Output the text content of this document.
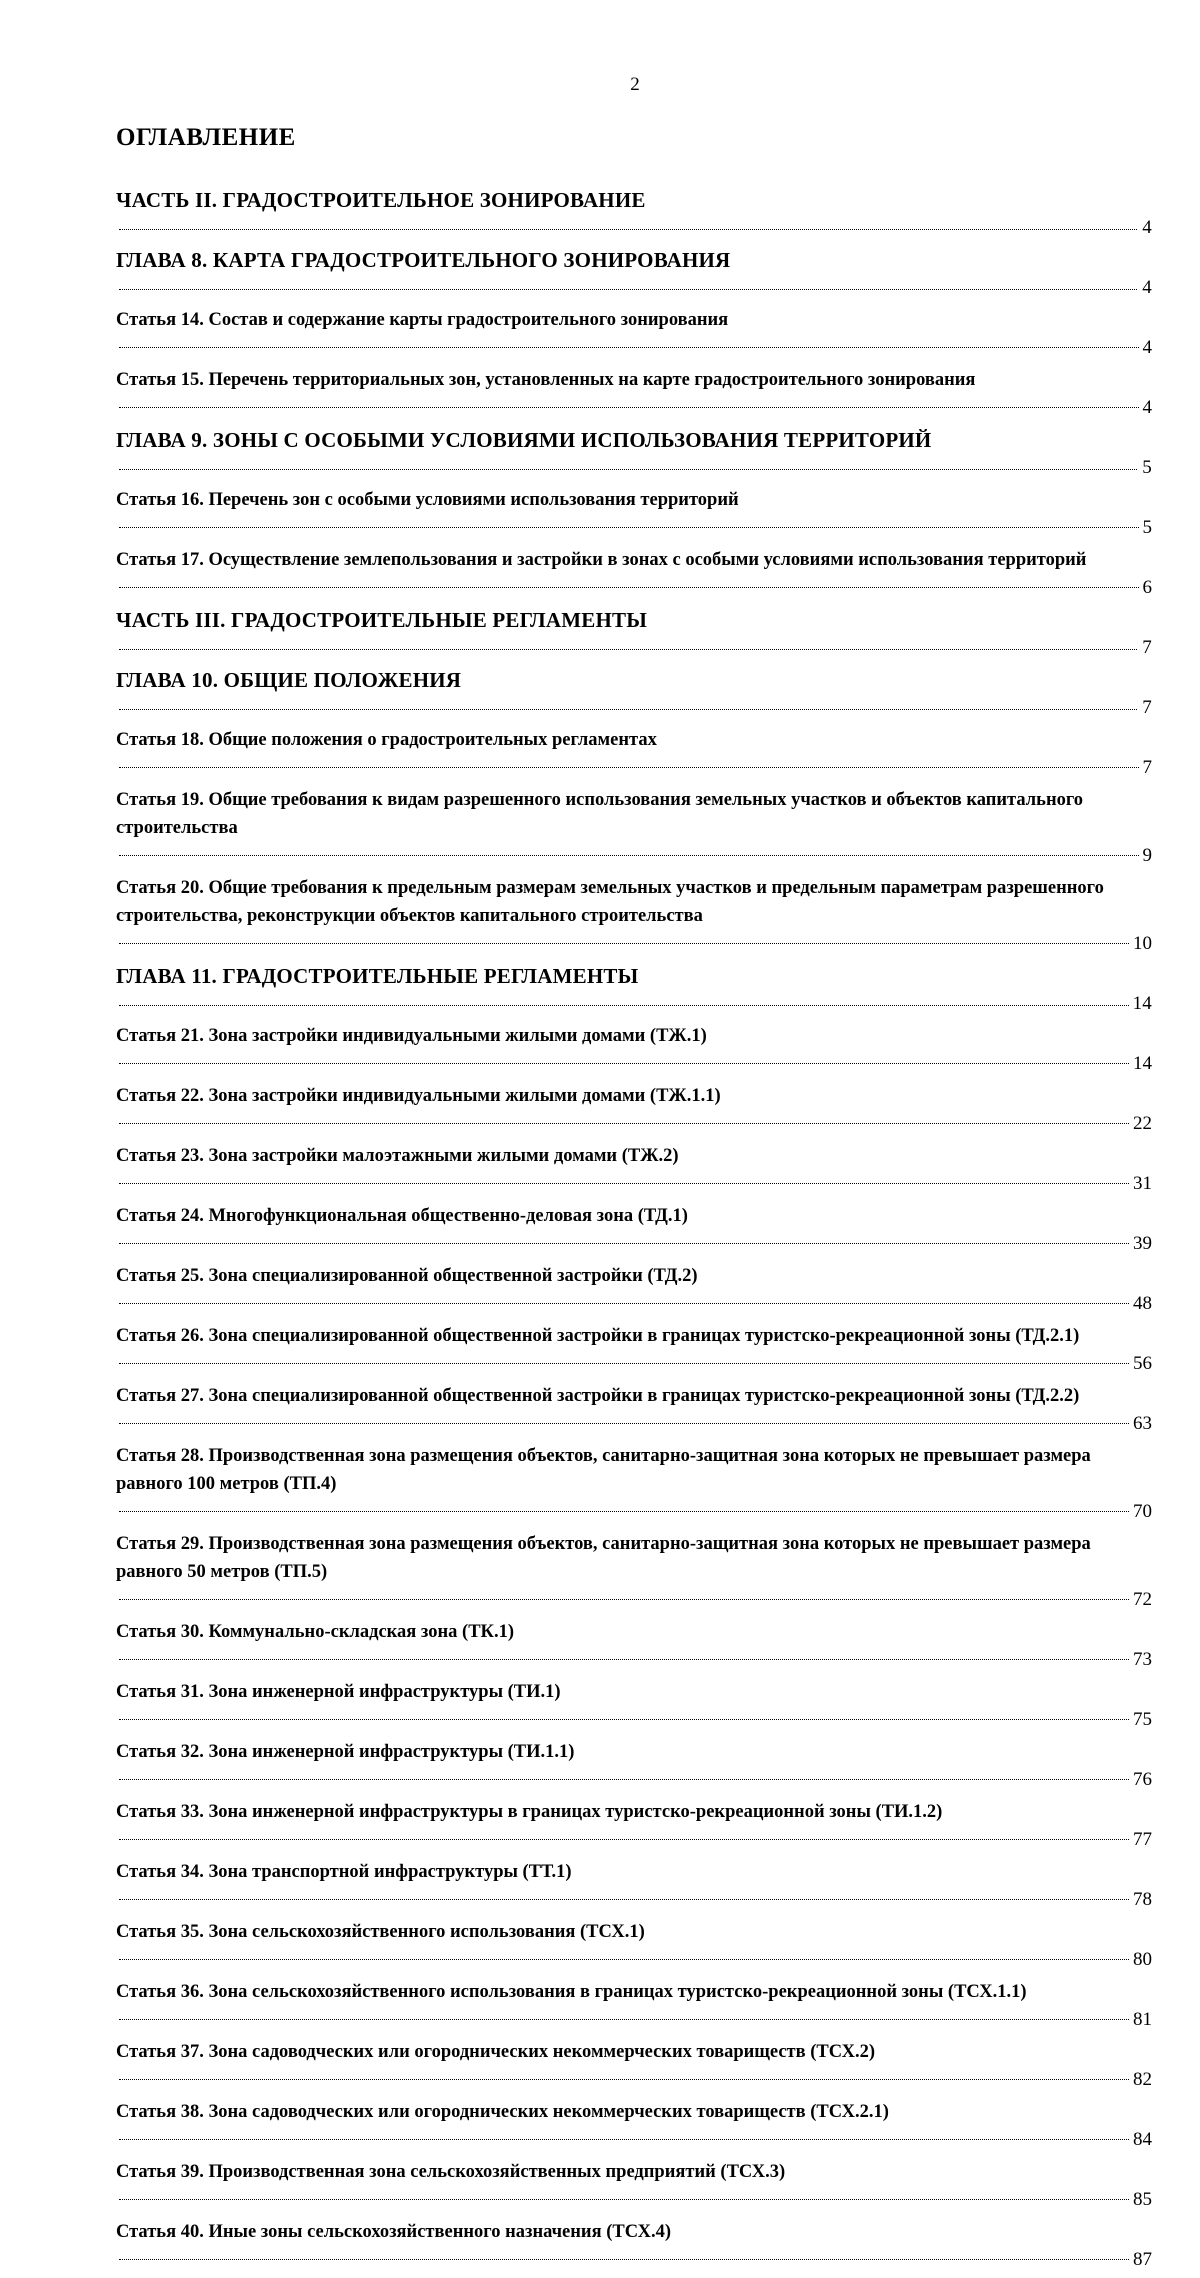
2
ОГЛАВЛЕНИЕ
ЧАСТЬ II. ГРАДОСТРОИТЕЛЬНОЕ ЗОНИРОВАНИЕ
4
ГЛАВА 8. КАРТА ГРАДОСТРОИТЕЛЬНОГО ЗОНИРОВАНИЯ
4
Статья 14. Состав и содержание карты градостроительного зонирования
4
Статья 15. Перечень территориальных зон, установленных на карте градостроительного зонирования
4
ГЛАВА 9. ЗОНЫ С ОСОБЫМИ УСЛОВИЯМИ ИСПОЛЬЗОВАНИЯ ТЕРРИТОРИЙ
5
Статья 16. Перечень зон с особыми условиями использования территорий
5
Статья 17. Осуществление землепользования и застройки в зонах с особыми условиями использования территорий
6
ЧАСТЬ III. ГРАДОСТРОИТЕЛЬНЫЕ РЕГЛАМЕНТЫ
7
ГЛАВА 10. ОБЩИЕ ПОЛОЖЕНИЯ
7
Статья 18. Общие положения о градостроительных регламентах
7
Статья 19. Общие требования к видам разрешенного использования земельных участков и объектов капитального строительства
9
Статья 20. Общие требования к предельным размерам земельных участков и предельным параметрам разрешенного строительства, реконструкции объектов капитального строительства
10
ГЛАВА 11. ГРАДОСТРОИТЕЛЬНЫЕ РЕГЛАМЕНТЫ
14
Статья 21. Зона застройки индивидуальными жилыми домами (ТЖ.1)
14
Статья 22. Зона застройки индивидуальными жилыми домами (ТЖ.1.1)
22
Статья 23. Зона застройки малоэтажными жилыми домами (ТЖ.2)
31
Статья 24. Многофункциональная общественно-деловая зона (ТД.1)
39
Статья 25. Зона специализированной общественной застройки (ТД.2)
48
Статья 26. Зона специализированной общественной застройки в границах туристско-рекреационной зоны (ТД.2.1)
56
Статья 27. Зона специализированной общественной застройки в границах туристско-рекреационной зоны (ТД.2.2)
63
Статья 28. Производственная зона размещения объектов, санитарно-защитная зона которых не превышает размера равного 100 метров (ТП.4)
70
Статья 29. Производственная зона размещения объектов, санитарно-защитная зона которых не превышает размера равного 50 метров (ТП.5)
72
Статья 30. Коммунально-складская зона (ТК.1)
73
Статья 31. Зона инженерной инфраструктуры (ТИ.1)
75
Статья 32. Зона инженерной инфраструктуры (ТИ.1.1)
76
Статья 33. Зона инженерной инфраструктуры в границах туристско-рекреационной зоны (ТИ.1.2)
77
Статья 34. Зона транспортной инфраструктуры (ТТ.1)
78
Статья 35. Зона сельскохозяйственного использования (ТСХ.1)
80
Статья 36. Зона сельскохозяйственного использования в границах туристско-рекреационной зоны (ТСХ.1.1)
81
Статья 37. Зона садоводческих или огороднических некоммерческих товариществ (ТСХ.2)
82
Статья 38. Зона садоводческих или огороднических некоммерческих товариществ (ТСХ.2.1)
84
Статья 39. Производственная зона сельскохозяйственных предприятий (ТСХ.3)
85
Статья 40. Иные зоны сельскохозяйственного назначения (ТСХ.4)
87
